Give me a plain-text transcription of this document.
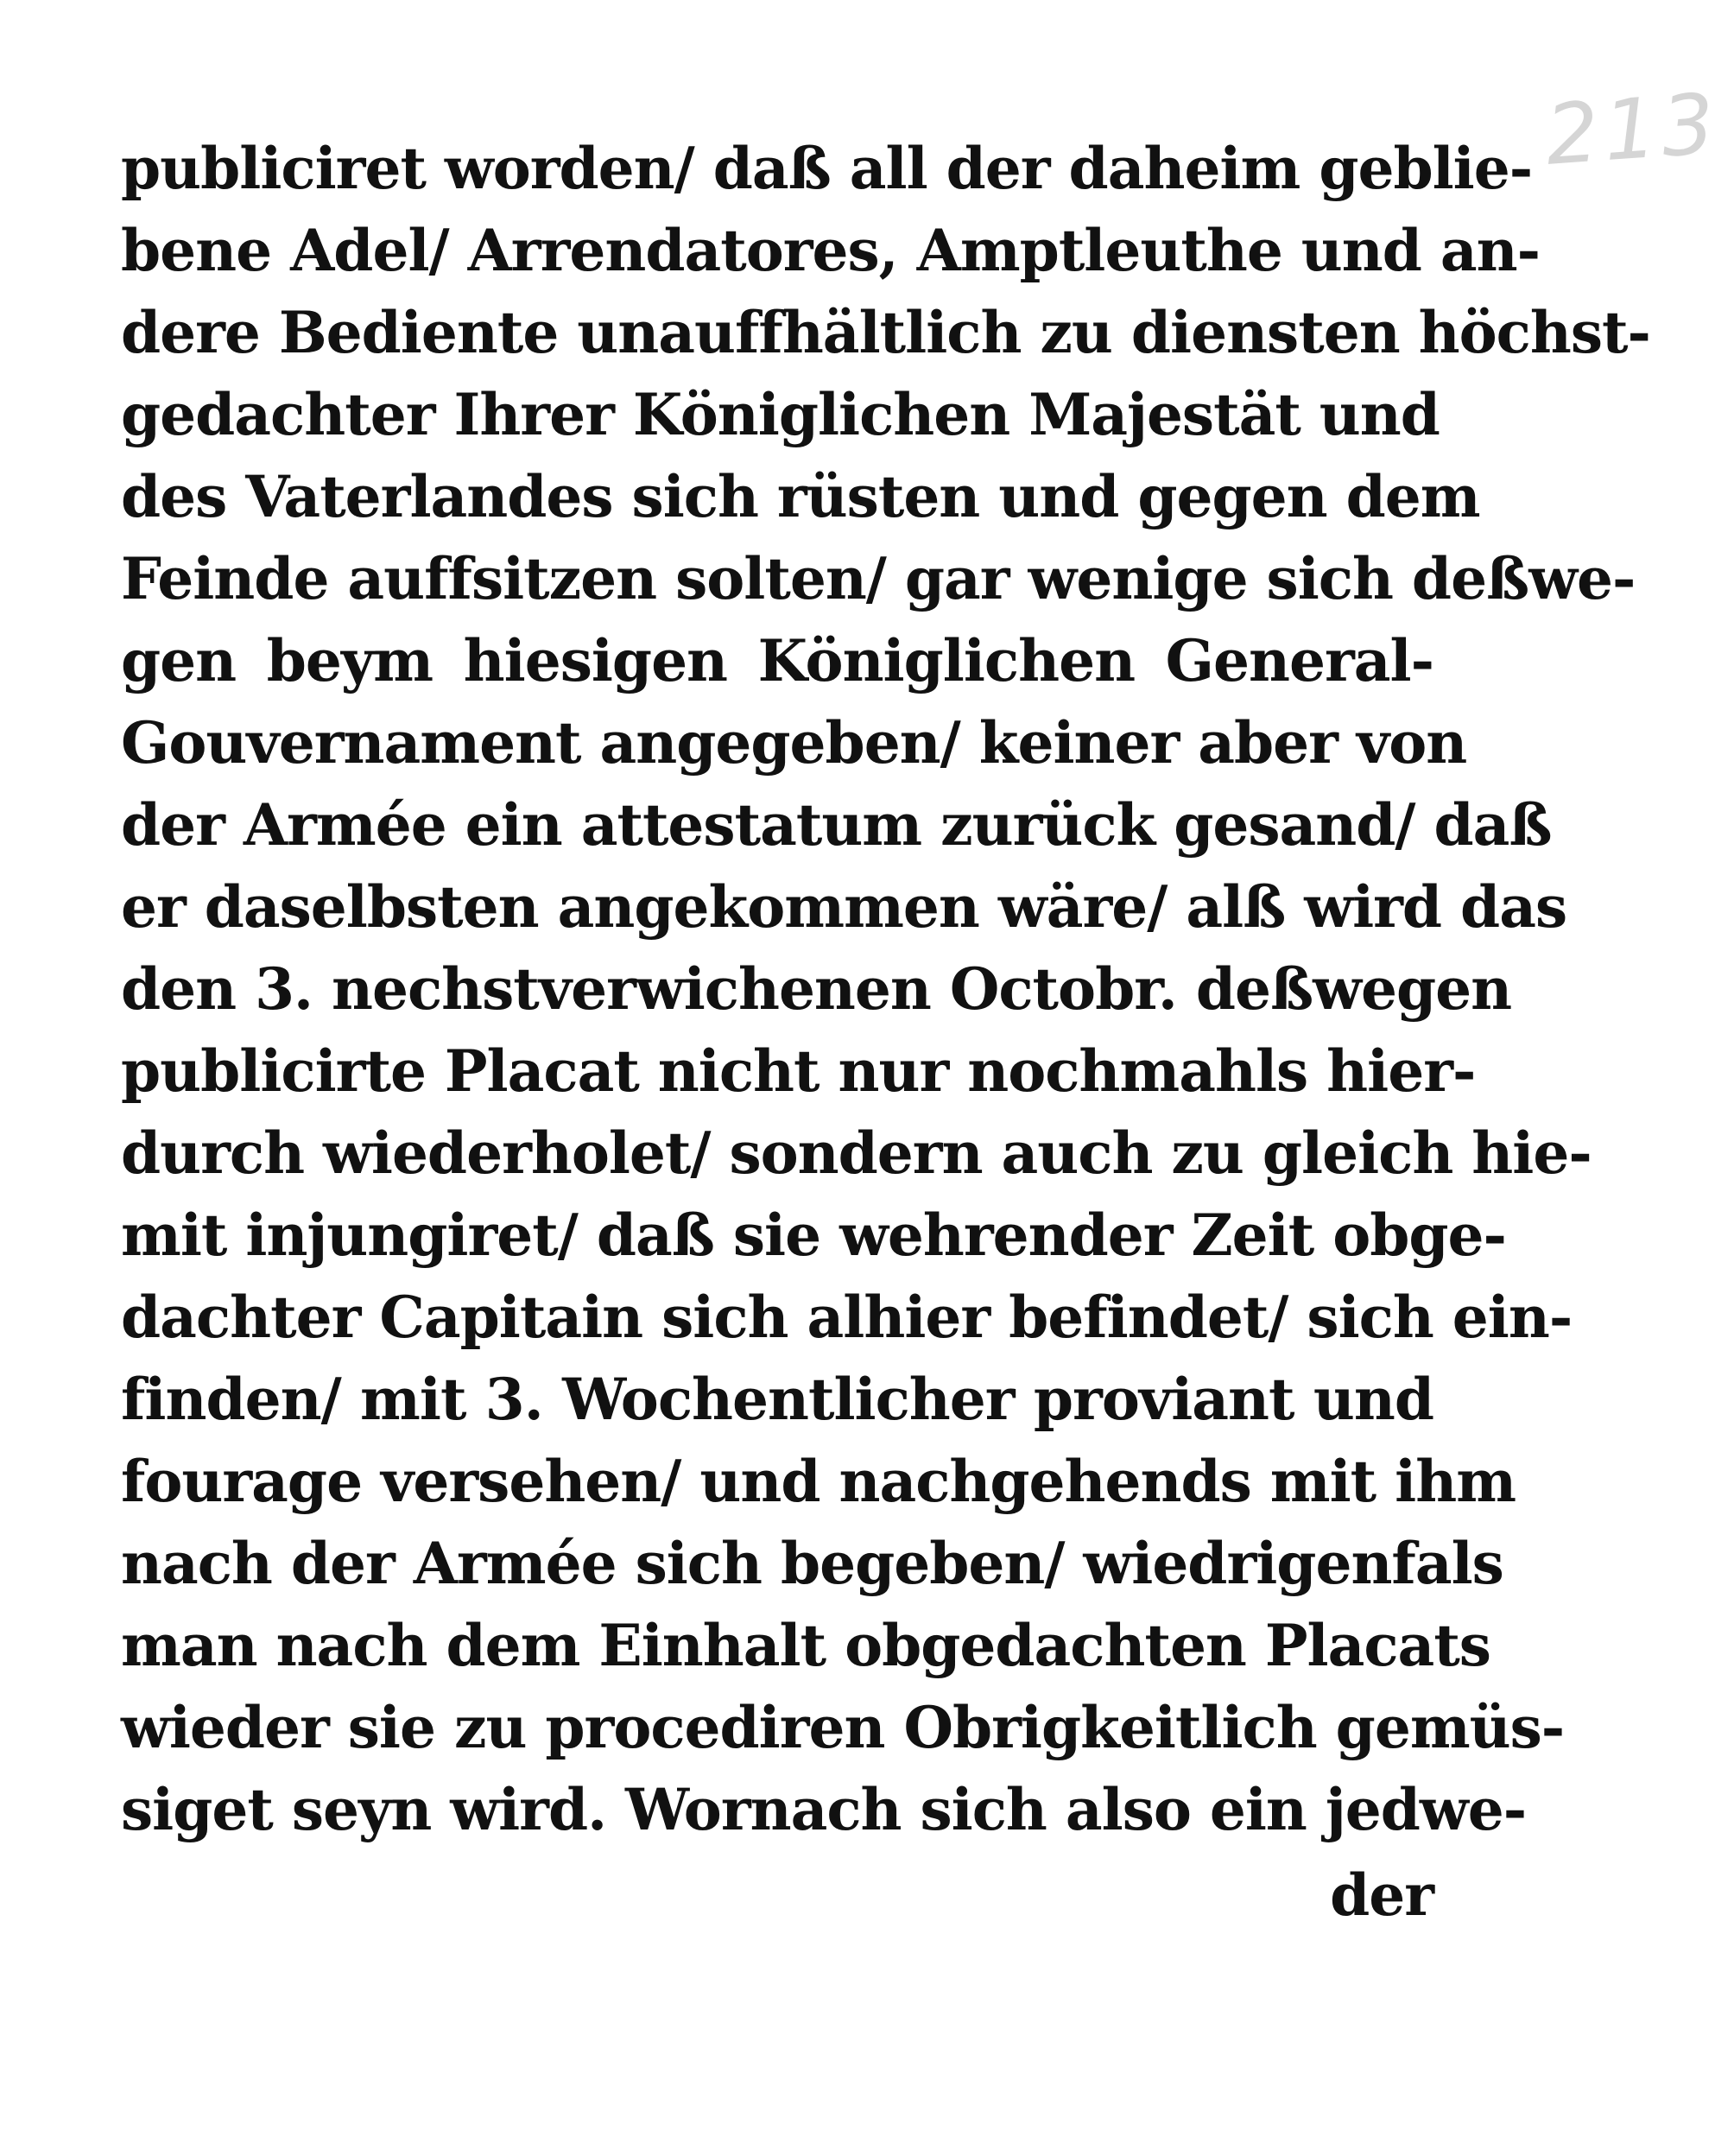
213
publiciret worden/ daß all der daheim geblie-
bene Adel/ Arrendatores, Amptleuthe und an-
dere Bediente unauffhältlich zu diensten höchst-
gedachter Ihrer Königlichen Majestät und
des Vaterlandes sich rüsten und gegen dem
Feinde auffsitzen solten/ gar wenige sich deßwe-
gen beym hiesigen Königlichen General-
Gouvernament angegeben/ keiner aber von
der Armée ein attestatum zurück gesand/ daß
er daselbsten angekommen wäre/ alß wird das
den 3. nechstverwichenen Octobr. deßwegen
publicirte Placat nicht nur nochmahls hier-
durch wiederholet/ sondern auch zu gleich hie-
mit injungiret/ daß sie wehrender Zeit obge-
dachter Capitain sich alhier befindet/ sich ein-
finden/ mit 3. Wochentlicher proviant und
fourage versehen/ und nachgehends mit ihm
nach der Armée sich begeben/ wiedrigenfals
man nach dem Einhalt obgedachten Placats
wieder sie zu procediren Obrigkeitlich gemüs-
siget seyn wird. Wornach sich also ein jedwe-
der
